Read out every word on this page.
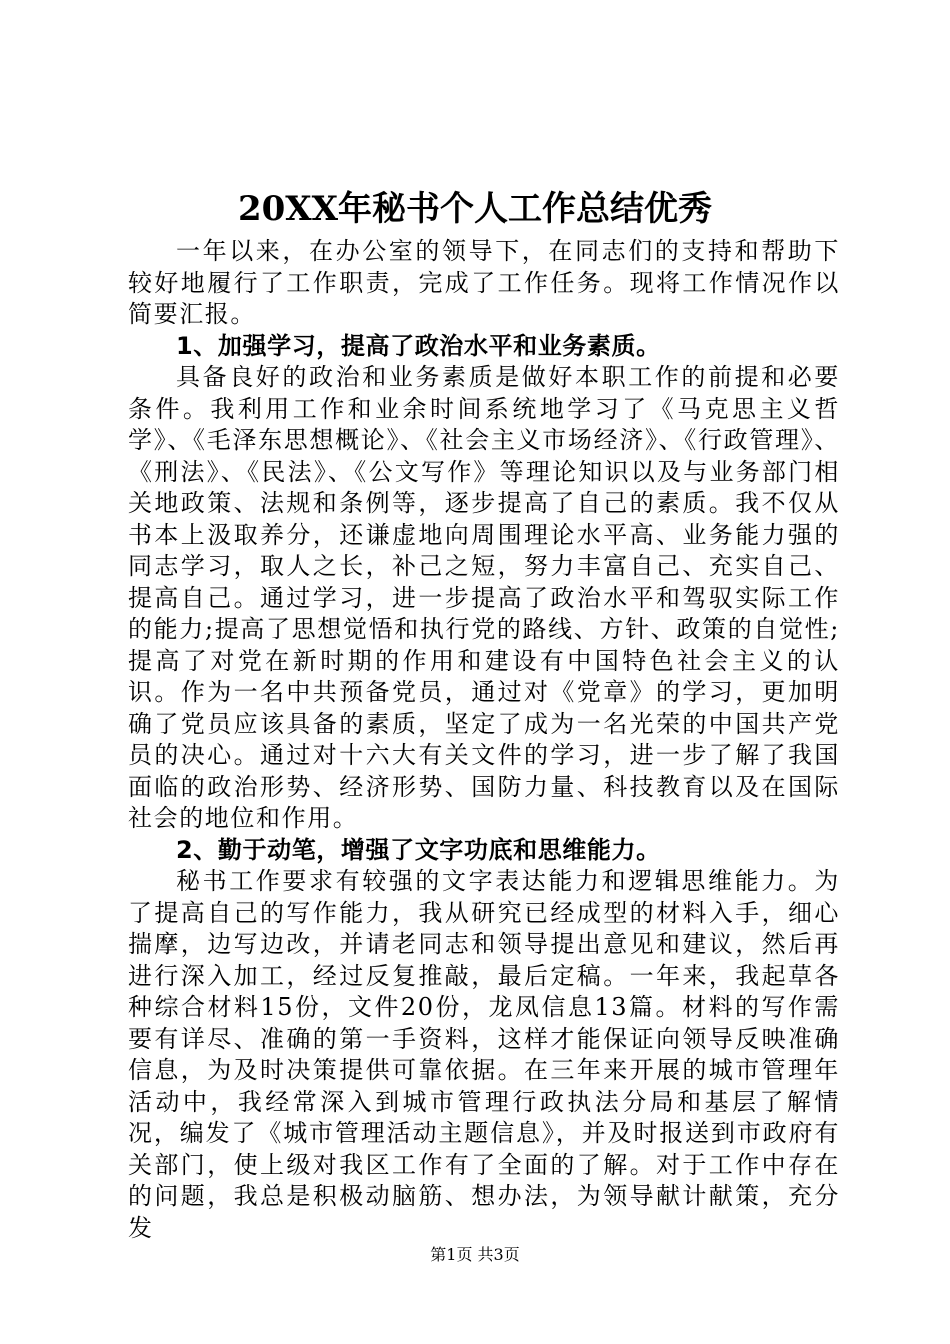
20XX年秘书个人工作总结优秀

一年以来，在办公室的领导下，在同志们的支持和帮助下较好地履行了工作职责，完成了工作任务。现将工作情况作以简要汇报。

1、加强学习，提高了政治水平和业务素质。

具备良好的政治和业务素质是做好本职工作的前提和必要条件。我利用工作和业余时间系统地学习了《马克思主义哲学》、《毛泽东思想概论》、《社会主义市场经济》、《行政管理》、《刑法》、《民法》、《公文写作》等理论知识以及与业务部门相关地政策、法规和条例等，逐步提高了自己的素质。我不仅从书本上汲取养分，还谦虚地向周围理论水平高、业务能力强的同志学习，取人之长，补己之短，努力丰富自己、充实自己、提高自己。通过学习，进一步提高了政治水平和驾驭实际工作的能力;提高了思想觉悟和执行党的路线、方针、政策的自觉性;提高了对党在新时期的作用和建设有中国特色社会主义的认识。作为一名中共预备党员，通过对《党章》的学习，更加明确了党员应该具备的素质，坚定了成为一名光荣的中国共产党员的决心。通过对十六大有关文件的学习，进一步了解了我国面临的政治形势、经济形势、国防力量、科技教育以及在国际社会的地位和作用。

2、勤于动笔，增强了文字功底和思维能力。

秘书工作要求有较强的文字表达能力和逻辑思维能力。为了提高自己的写作能力，我从研究已经成型的材料入手，细心揣摩，边写边改，并请老同志和领导提出意见和建议，然后再进行深入加工，经过反复推敲，最后定稿。一年来，我起草各种综合材料15份，文件20份，龙凤信息13篇。材料的写作需要有详尽、准确的第一手资料，这样才能保证向领导反映准确信息，为及时决策提供可靠依据。在三年来开展的城市管理年活动中，我经常深入到城市管理行政执法分局和基层了解情况，编发了《城市管理活动主题信息》，并及时报送到市政府有关部门，使上级对我区工作有了全面的了解。对于工作中存在的问题，我总是积极动脑筋、想办法，为领导献计献策，充分发

第1页 共3页
